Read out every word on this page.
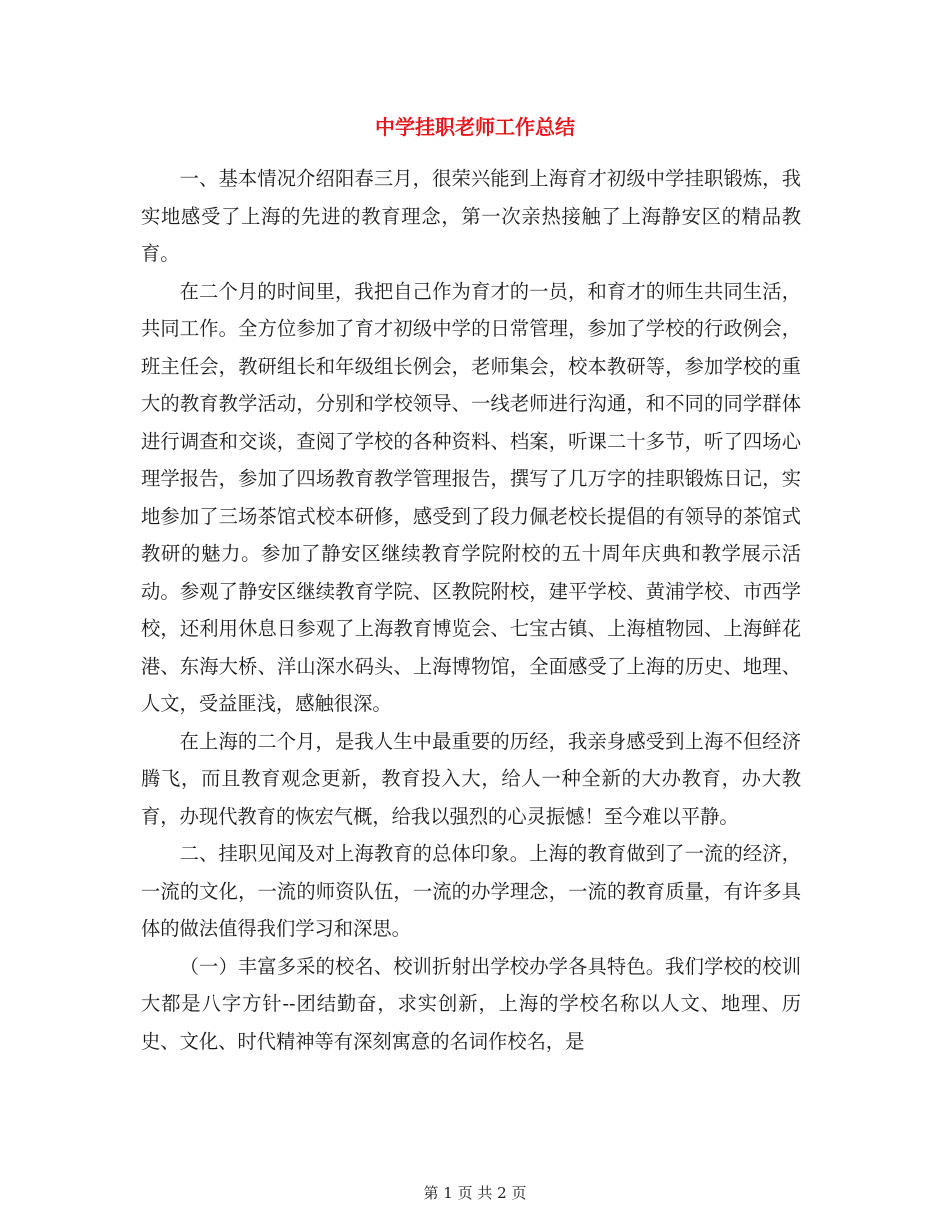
中学挂职老师工作总结

一、基本情况介绍阳春三月，很荣兴能到上海育才初级中学挂职锻炼，我实地感受了上海的先进的教育理念，第一次亲热接触了上海静安区的精品教育。

在二个月的时间里，我把自己作为育才的一员，和育才的师生共同生活，共同工作。全方位参加了育才初级中学的日常管理，参加了学校的行政例会，班主任会，教研组长和年级组长例会，老师集会，校本教研等，参加学校的重大的教育教学活动，分别和学校领导、一线老师进行沟通，和不同的同学群体进行调查和交谈，查阅了学校的各种资料、档案，听课二十多节，听了四场心理学报告，参加了四场教育教学管理报告，撰写了几万字的挂职锻炼日记，实地参加了三场茶馆式校本研修，感受到了段力佩老校长提倡的有领导的茶馆式教研的魅力。参加了静安区继续教育学院附校的五十周年庆典和教学展示活动。参观了静安区继续教育学院、区教院附校，建平学校、黄浦学校、市西学校，还利用休息日参观了上海教育博览会、七宝古镇、上海植物园、上海鲜花港、东海大桥、洋山深水码头、上海博物馆，全面感受了上海的历史、地理、人文，受益匪浅，感触很深。

在上海的二个月，是我人生中最重要的历经，我亲身感受到上海不但经济腾飞，而且教育观念更新，教育投入大，给人一种全新的大办教育，办大教育，办现代教育的恢宏气概，给我以强烈的心灵振憾！至今难以平静。

二、挂职见闻及对上海教育的总体印象。上海的教育做到了一流的经济，一流的文化，一流的师资队伍，一流的办学理念，一流的教育质量，有许多具体的做法值得我们学习和深思。

（一）丰富多采的校名、校训折射出学校办学各具特色。我们学校的校训大都是八字方针--团结勤奋，求实创新，上海的学校名称以人文、地理、历史、文化、时代精神等有深刻寓意的名词作校名，是

第 1 页 共 2 页
